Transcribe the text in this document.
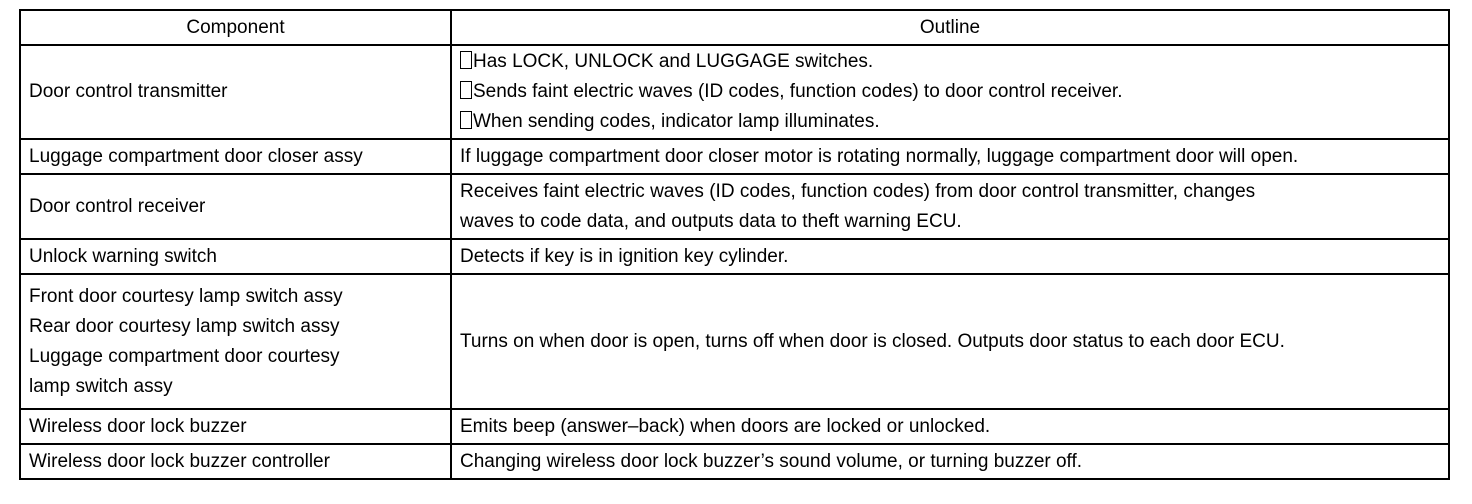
Component	Outline

Door control transmitter	Has LOCK, UNLOCK and LUGGAGE switches.
Sends faint electric waves (ID codes, function codes) to door control receiver.
When sending codes, indicator lamp illuminates.

Luggage compartment door closer assy	If luggage compartment door closer motor is rotating normally, luggage compartment door will open.

Door control receiver	Receives faint electric waves (ID codes, function codes) from door control transmitter, changes
waves to code data, and outputs data to theft warning ECU.

Unlock warning switch	Detects if key is in ignition key cylinder.

Front door courtesy lamp switch assy
Rear door courtesy lamp switch assy
Luggage compartment door courtesy
lamp switch assy	Turns on when door is open, turns off when door is closed. Outputs door status to each door ECU.

Wireless door lock buzzer	Emits beep (answer–back) when doors are locked or unlocked.

Wireless door lock buzzer controller	Changing wireless door lock buzzer’s sound volume, or turning buzzer off.
